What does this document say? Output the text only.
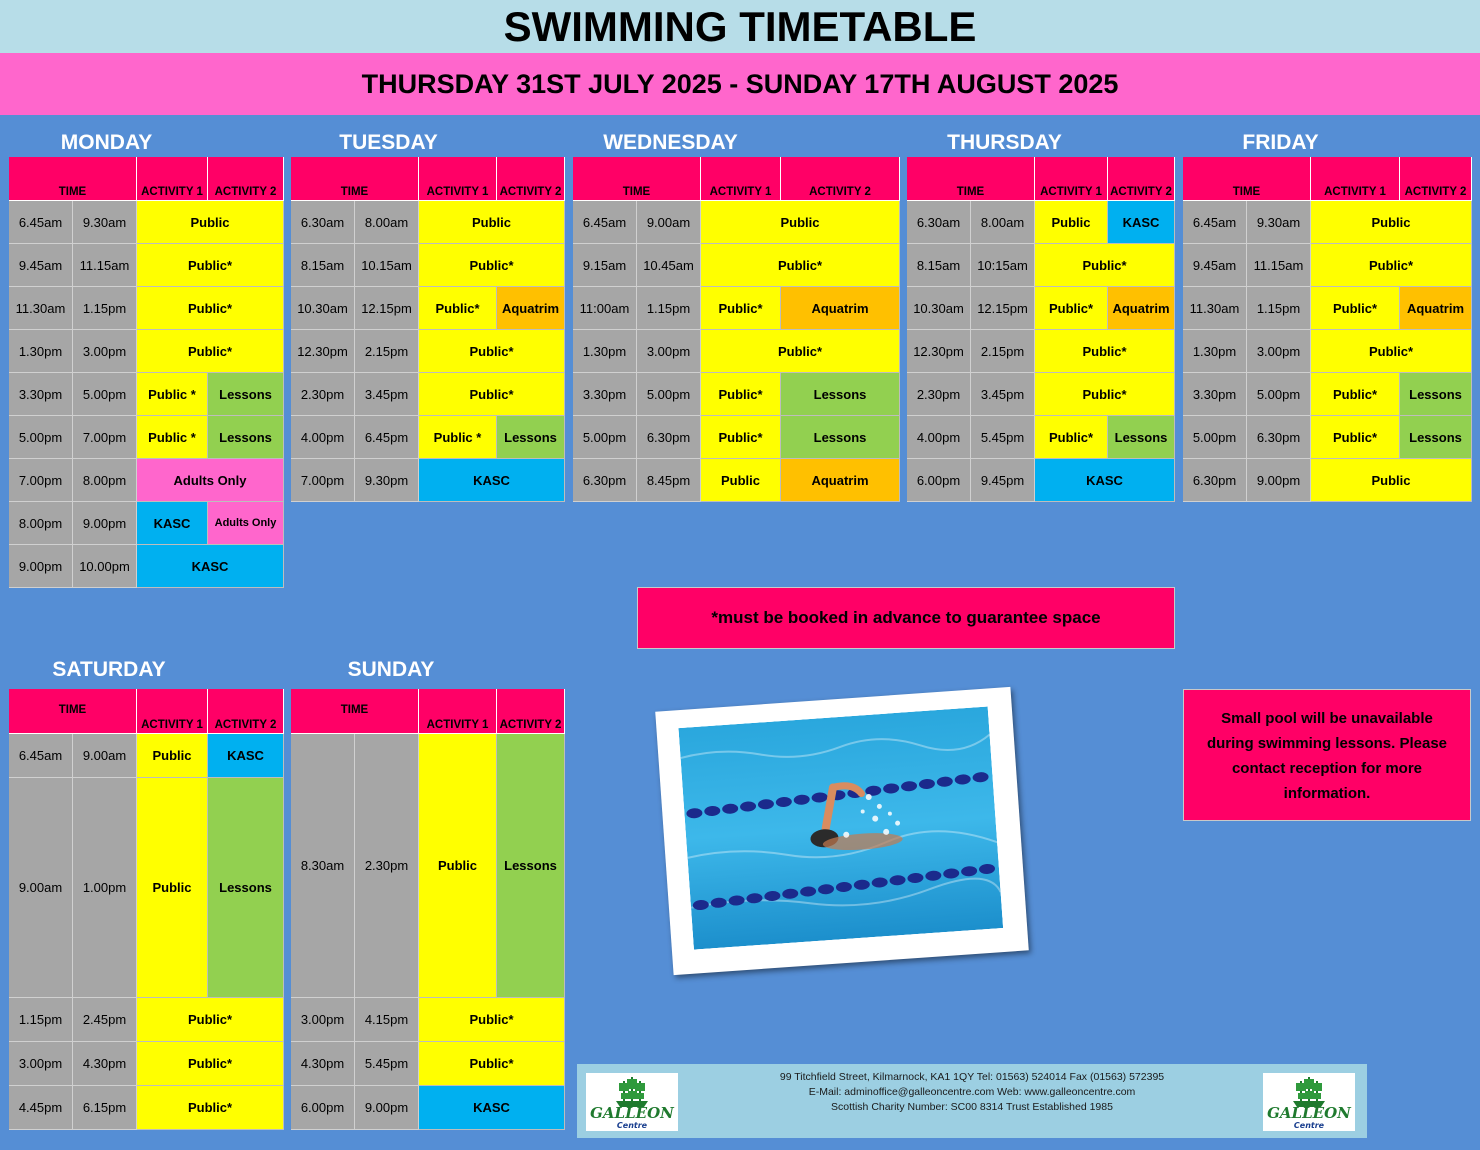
SWIMMING TIMETABLE
THURSDAY 31ST JULY 2025 - SUNDAY 17TH AUGUST 2025
MONDAY
TIME	ACTIVITY 1	ACTIVITY 2
6.45am	9.30am	Public
9.45am	11.15am	Public*
11.30am	1.15pm	Public*
1.30pm	3.00pm	Public*
3.30pm	5.00pm	Public *	Lessons
5.00pm	7.00pm	Public *	Lessons
7.00pm	8.00pm	Adults Only
8.00pm	9.00pm	KASC	Adults Only
9.00pm	10.00pm	KASC
TUESDAY
TIME	ACTIVITY 1 ACTIVITY 2
6.30am	8.00am	Public
8.15am	10.15am	Public*
10.30am	12.15pm	Public*	Aquatrim
12.30pm	2.15pm	Public*
2.30pm	3.45pm	Public*
4.00pm	6.45pm	Public *	Lessons
7.00pm	9.30pm	KASC
WEDNESDAY
TIME	ACTIVITY 1	ACTIVITY 2
6.45am	9.00am	Public
9.15am	10.45am	Public*
11:00am	1.15pm	Public*	Aquatrim
1.30pm	3.00pm	Public*
3.30pm	5.00pm	Public*	Lessons
5.00pm	6.30pm	Public*	Lessons
6.30pm	8.45pm	Public	Aquatrim
THURSDAY
TIME	ACTIVITY 1 ACTIVITY 2
6.30am	8.00am	Public	KASC
8.15am	10:15am	Public*
10.30am	12.15pm	Public*	Aquatrim
12.30pm	2.15pm	Public*
2.30pm	3.45pm	Public*
4.00pm	5.45pm	Public*	Lessons
6.00pm	9.45pm	KASC
FRIDAY
TIME	ACTIVITY 1	ACTIVITY 2
6.45am	9.30am	Public
9.45am	11.15am	Public*
11.30am	1.15pm	Public*	Aquatrim
1.30pm	3.00pm	Public*
3.30pm	5.00pm	Public*	Lessons
5.00pm	6.30pm	Public*	Lessons
6.30pm	9.00pm	Public
SATURDAY
TIME
ACTIVITY 1	ACTIVITY 2
6.45am	9.00am	Public	KASC
9.00am	1.00pm	Public	Lessons
1.15pm	2.45pm	Public*
3.00pm	4.30pm	Public*
4.45pm	6.15pm	Public*
SUNDAY
TIME
ACTIVITY 1 ACTIVITY 2
8.30am	2.30pm	Public	Lessons
3.00pm	4.15pm	Public*
4.30pm	5.45pm	Public*
6.00pm	9.00pm	KASC
*must be booked in advance to guarantee space
Small pool will be unavailable during swimming lessons. Please contact reception for more information.
GALLEON
Centre
99 Titchfield Street, Kilmarnock, KA1 1QY Tel: 01563) 524014 Fax (01563) 572395
E-Mail: adminoffice@galleoncentre.com Web: www.galleoncentre.com
Scottish Charity Number: SC00 8314 Trust Established 1985	GALLEON
Centre
